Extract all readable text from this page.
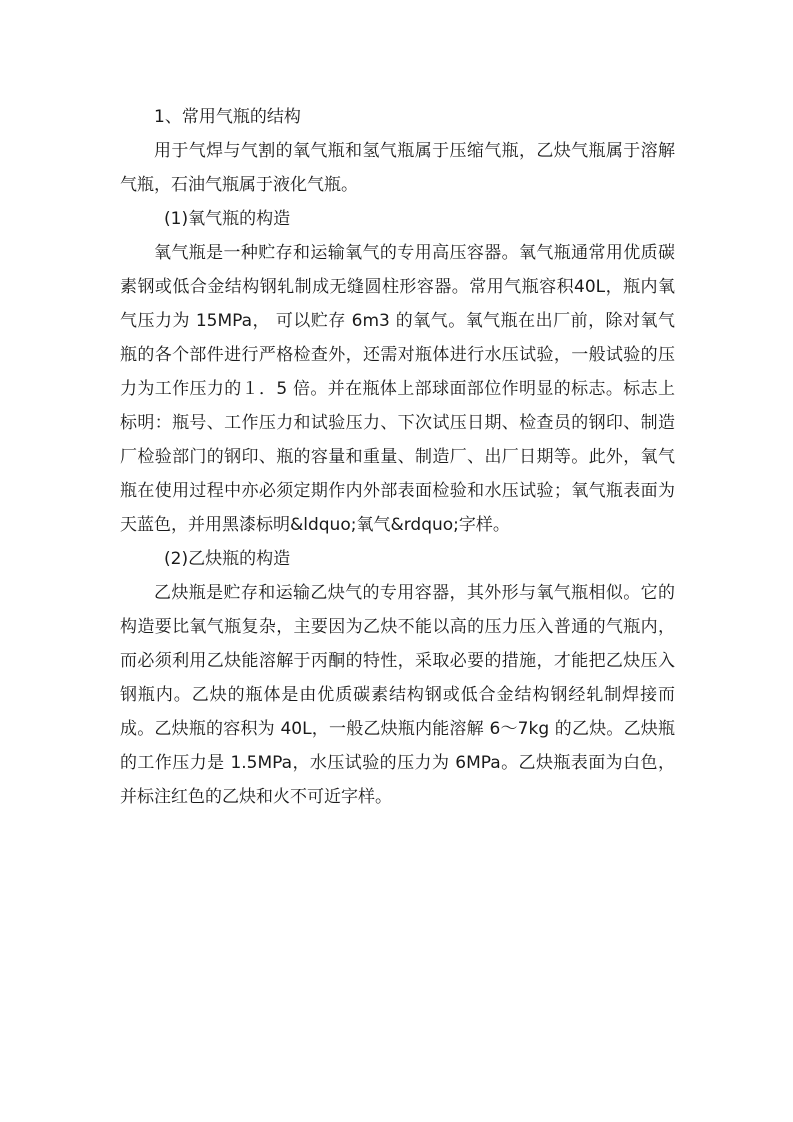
1、常用气瓶的结构

用于气焊与气割的氧气瓶和氢气瓶属于压缩气瓶，乙炔气瓶属于溶解气瓶，石油气瓶属于液化气瓶。

(1)氧气瓶的构造

氧气瓶是一种贮存和运输氧气的专用高压容器。氧气瓶通常用优质碳素钢或低合金结构钢轧制成无缝圆柱形容器。常用气瓶容积40L，瓶内氧气压力为 15MPa， 可以贮存 6m3 的氧气。氧气瓶在出厂前，除对氧气瓶的各个部件进行严格检查外，还需对瓶体进行水压试验，一般试验的压力为工作压力的１．5 倍。并在瓶体上部球面部位作明显的标志。标志上标明：瓶号、工作压力和试验压力、下次试压日期、检查员的钢印、制造厂检验部门的钢印、瓶的容量和重量、制造厂、出厂日期等。此外，氧气瓶在使用过程中亦必须定期作内外部表面检验和水压试验；氧气瓶表面为天蓝色，并用黑漆标明&ldquo;氧气&rdquo;字样。

(2)乙炔瓶的构造

乙炔瓶是贮存和运输乙炔气的专用容器，其外形与氧气瓶相似。它的构造要比氧气瓶复杂，主要因为乙炔不能以高的压力压入普通的气瓶内，而必须利用乙炔能溶解于丙酮的特性，采取必要的措施，才能把乙炔压入钢瓶内。乙炔的瓶体是由优质碳素结构钢或低合金结构钢经轧制焊接而成。乙炔瓶的容积为 40L，一般乙炔瓶内能溶解 6～7kg 的乙炔。乙炔瓶的工作压力是 1.5MPa，水压试验的压力为 6MPa。乙炔瓶表面为白色，并标注红色的乙炔和火不可近字样。
